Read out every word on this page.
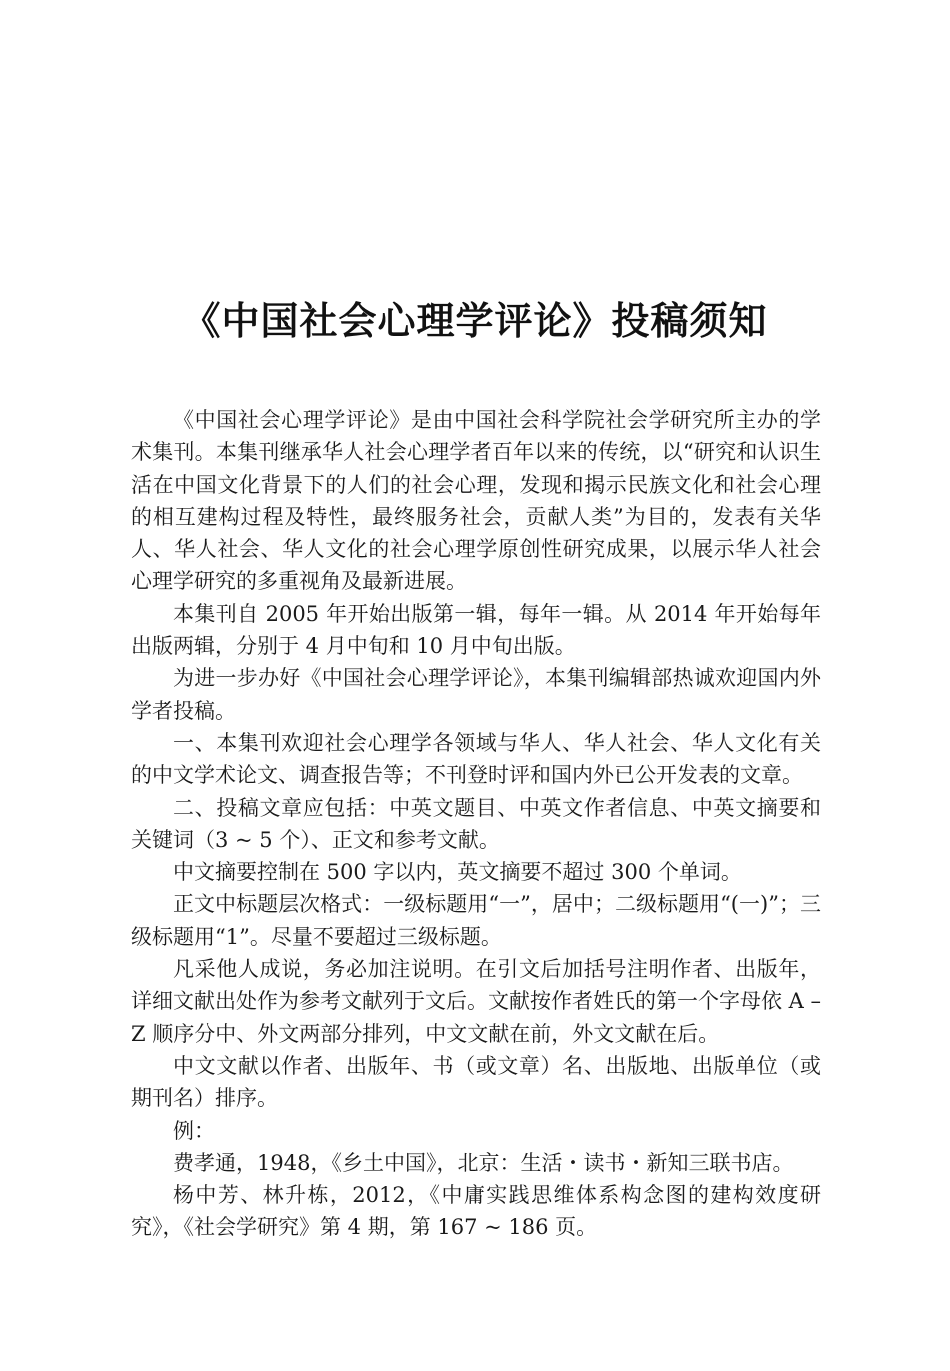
《中国社会心理学评论》投稿须知

《中国社会心理学评论》是由中国社会科学院社会学研究所主办的学术集刊。本集刊继承华人社会心理学者百年以来的传统，以“研究和认识生活在中国文化背景下的人们的社会心理，发现和揭示民族文化和社会心理的相互建构过程及特性，最终服务社会，贡献人类”为目的，发表有关华人、华人社会、华人文化的社会心理学原创性研究成果，以展示华人社会心理学研究的多重视角及最新进展。

本集刊自 2005 年开始出版第一辑，每年一辑。从 2014 年开始每年出版两辑，分别于 4 月中旬和 10 月中旬出版。

为进一步办好《中国社会心理学评论》，本集刊编辑部热诚欢迎国内外学者投稿。

一、本集刊欢迎社会心理学各领域与华人、华人社会、华人文化有关的中文学术论文、调查报告等；不刊登时评和国内外已公开发表的文章。

二、投稿文章应包括：中英文题目、中英文作者信息、中英文摘要和关键词（3 ~ 5 个）、正文和参考文献。

中文摘要控制在 500 字以内，英文摘要不超过 300 个单词。

正文中标题层次格式：一级标题用“一”，居中；二级标题用“(一)”；三级标题用“1”。尽量不要超过三级标题。

凡采他人成说，务必加注说明。在引文后加括号注明作者、出版年，详细文献出处作为参考文献列于文后。文献按作者姓氏的第一个字母依 A – Z 顺序分中、外文两部分排列，中文文献在前，外文文献在后。

中文文献以作者、出版年、书（或文章）名、出版地、出版单位（或期刊名）排序。

例：

费孝通，1948，《乡土中国》，北京：生活・读书・新知三联书店。

杨中芳、林升栋，2012，《中庸实践思维体系构念图的建构效度研究》，《社会学研究》第 4 期，第 167 ~ 186 页。
